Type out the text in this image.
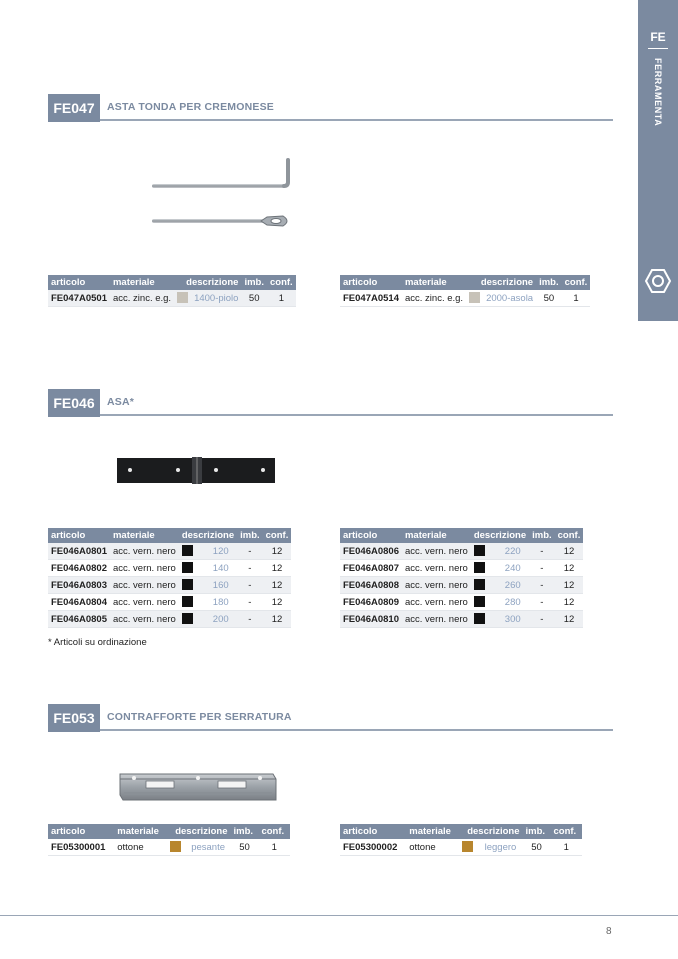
FE
FERRAMENTA
FE047	ASTA TONDA PER CREMONESE
articolo	materiale	descrizione		imb.	conf.
FE047A0501	acc. zinc. e.g.		1400-piolo	50	1
articolo	materiale	descrizione		imb.	conf.
FE047A0514	acc. zinc. e.g.		2000-asola	50	1
FE046	ASA*
articolo	materiale	descrizione		imb.	conf.
FE046A0801	acc. vern. nero		120	-	12
FE046A0802	acc. vern. nero		140	-	12
FE046A0803	acc. vern. nero		160	-	12
FE046A0804	acc. vern. nero		180	-	12
FE046A0805	acc. vern. nero		200	-	12
articolo	materiale	descrizione		imb.	conf.
FE046A0806	acc. vern. nero		220	-	12
FE046A0807	acc. vern. nero		240	-	12
FE046A0808	acc. vern. nero		260	-	12
FE046A0809	acc. vern. nero		280	-	12
FE046A0810	acc. vern. nero		300	-	12
* Articoli su ordinazione
FE053	CONTRAFFORTE PER SERRATURA
articolo	materiale	descrizione		imb.	conf.
FE05300001	ottone		pesante	50	1
articolo	materiale	descrizione		imb.	conf.
FE05300002	ottone		leggero	50	1
8
